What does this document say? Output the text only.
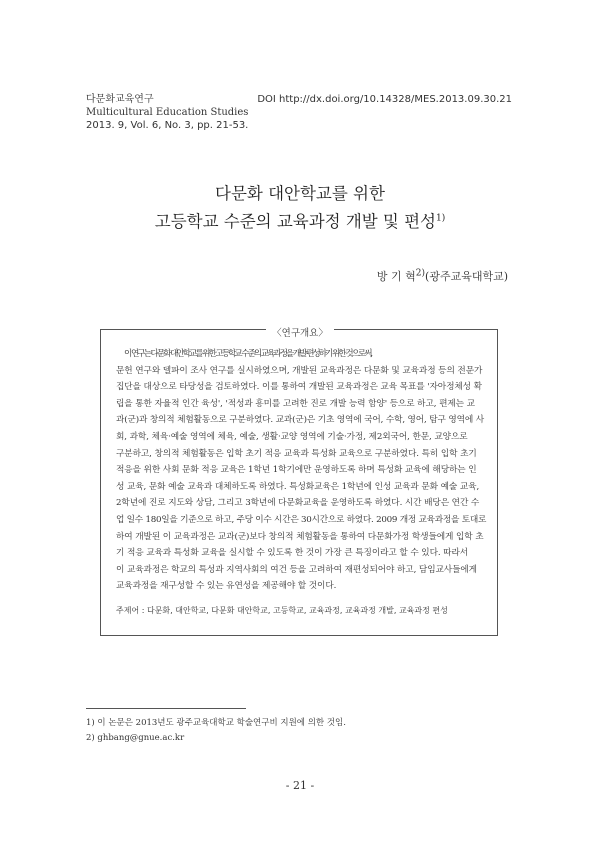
다문화교육연구
Multicultural Education Studies
2013. 9, Vol. 6, No. 3, pp. 21-53.
DOI http://dx.doi.org/10.14328/MES.2013.09.30.21
다문화 대안학교를 위한
고등학교 수준의 교육과정 개발 및 편성$^{1)}$
방 기 혁$^{2)}$(광주교육대학교)
〈연구개요〉
이 연구는 다문화 대안학교를 위한 고등학교 수준의 교육과정을 개발·편성하기 위한 것으로써,
문헌 연구와 델파이 조사 연구를 실시하였으며, 개발된 교육과정은 다문화 및 교육과정 등의 전문가
집단을 대상으로 타당성을 검토하였다. 이를 통하여 개발된 교육과정은 교육 목표를 '자아정체성 확
립을 통한 자율적 인간 육성', '적성과 흥미를 고려한 진로 개발 능력 함양' 등으로 하고, 편제는 교
과(군)과 창의적 체험활동으로 구분하였다. 교과(군)은 기초 영역에 국어, 수학, 영어, 탐구 영역에 사
회, 과학, 체육·예술 영역에 체육, 예술, 생활·교양 영역에 기술·가정, 제2외국어, 한문, 교양으로
구분하고, 창의적 체험활동은 입학 초기 적응 교육과 특성화 교육으로 구분하였다. 특히 입학 초기
적응을 위한 사회 문화 적응 교육은 1학년 1학기에만 운영하도록 하며 특성화 교육에 해당하는 인
성 교육, 문화 예술 교육과 대체하도록 하였다. 특성화교육은 1학년에 인성 교육과 문화 예술 교육,
2학년에 진로 지도와 상담, 그리고 3학년에 다문화교육을 운영하도록 하였다. 시간 배당은 연간 수
업 일수 180일을 기준으로 하고, 주당 이수 시간은 30시간으로 하였다. 2009 개정 교육과정을 토대로
하여 개발된 이 교육과정은 교과(군)보다 창의적 체험활동을 통하여 다문화가정 학생들에게 입학 초
기 적응 교육과 특성화 교육을 실시할 수 있도록 한 것이 가장 큰 특징이라고 할 수 있다. 따라서
이 교육과정은 학교의 특성과 지역사회의 여건 등을 고려하여 재편성되어야 하고, 담임교사들에게
교육과정을 재구성할 수 있는 유연성을 제공해야 할 것이다.
주제어 : 다문화, 대안학교, 다문화 대안학교, 고등학교, 교육과정, 교육과정 개발, 교육과정 편성
1) 이 논문은 2013년도 광주교육대학교 학술연구비 지원에 의한 것임.
2) ghbang@gnue.ac.kr
- 21 -
